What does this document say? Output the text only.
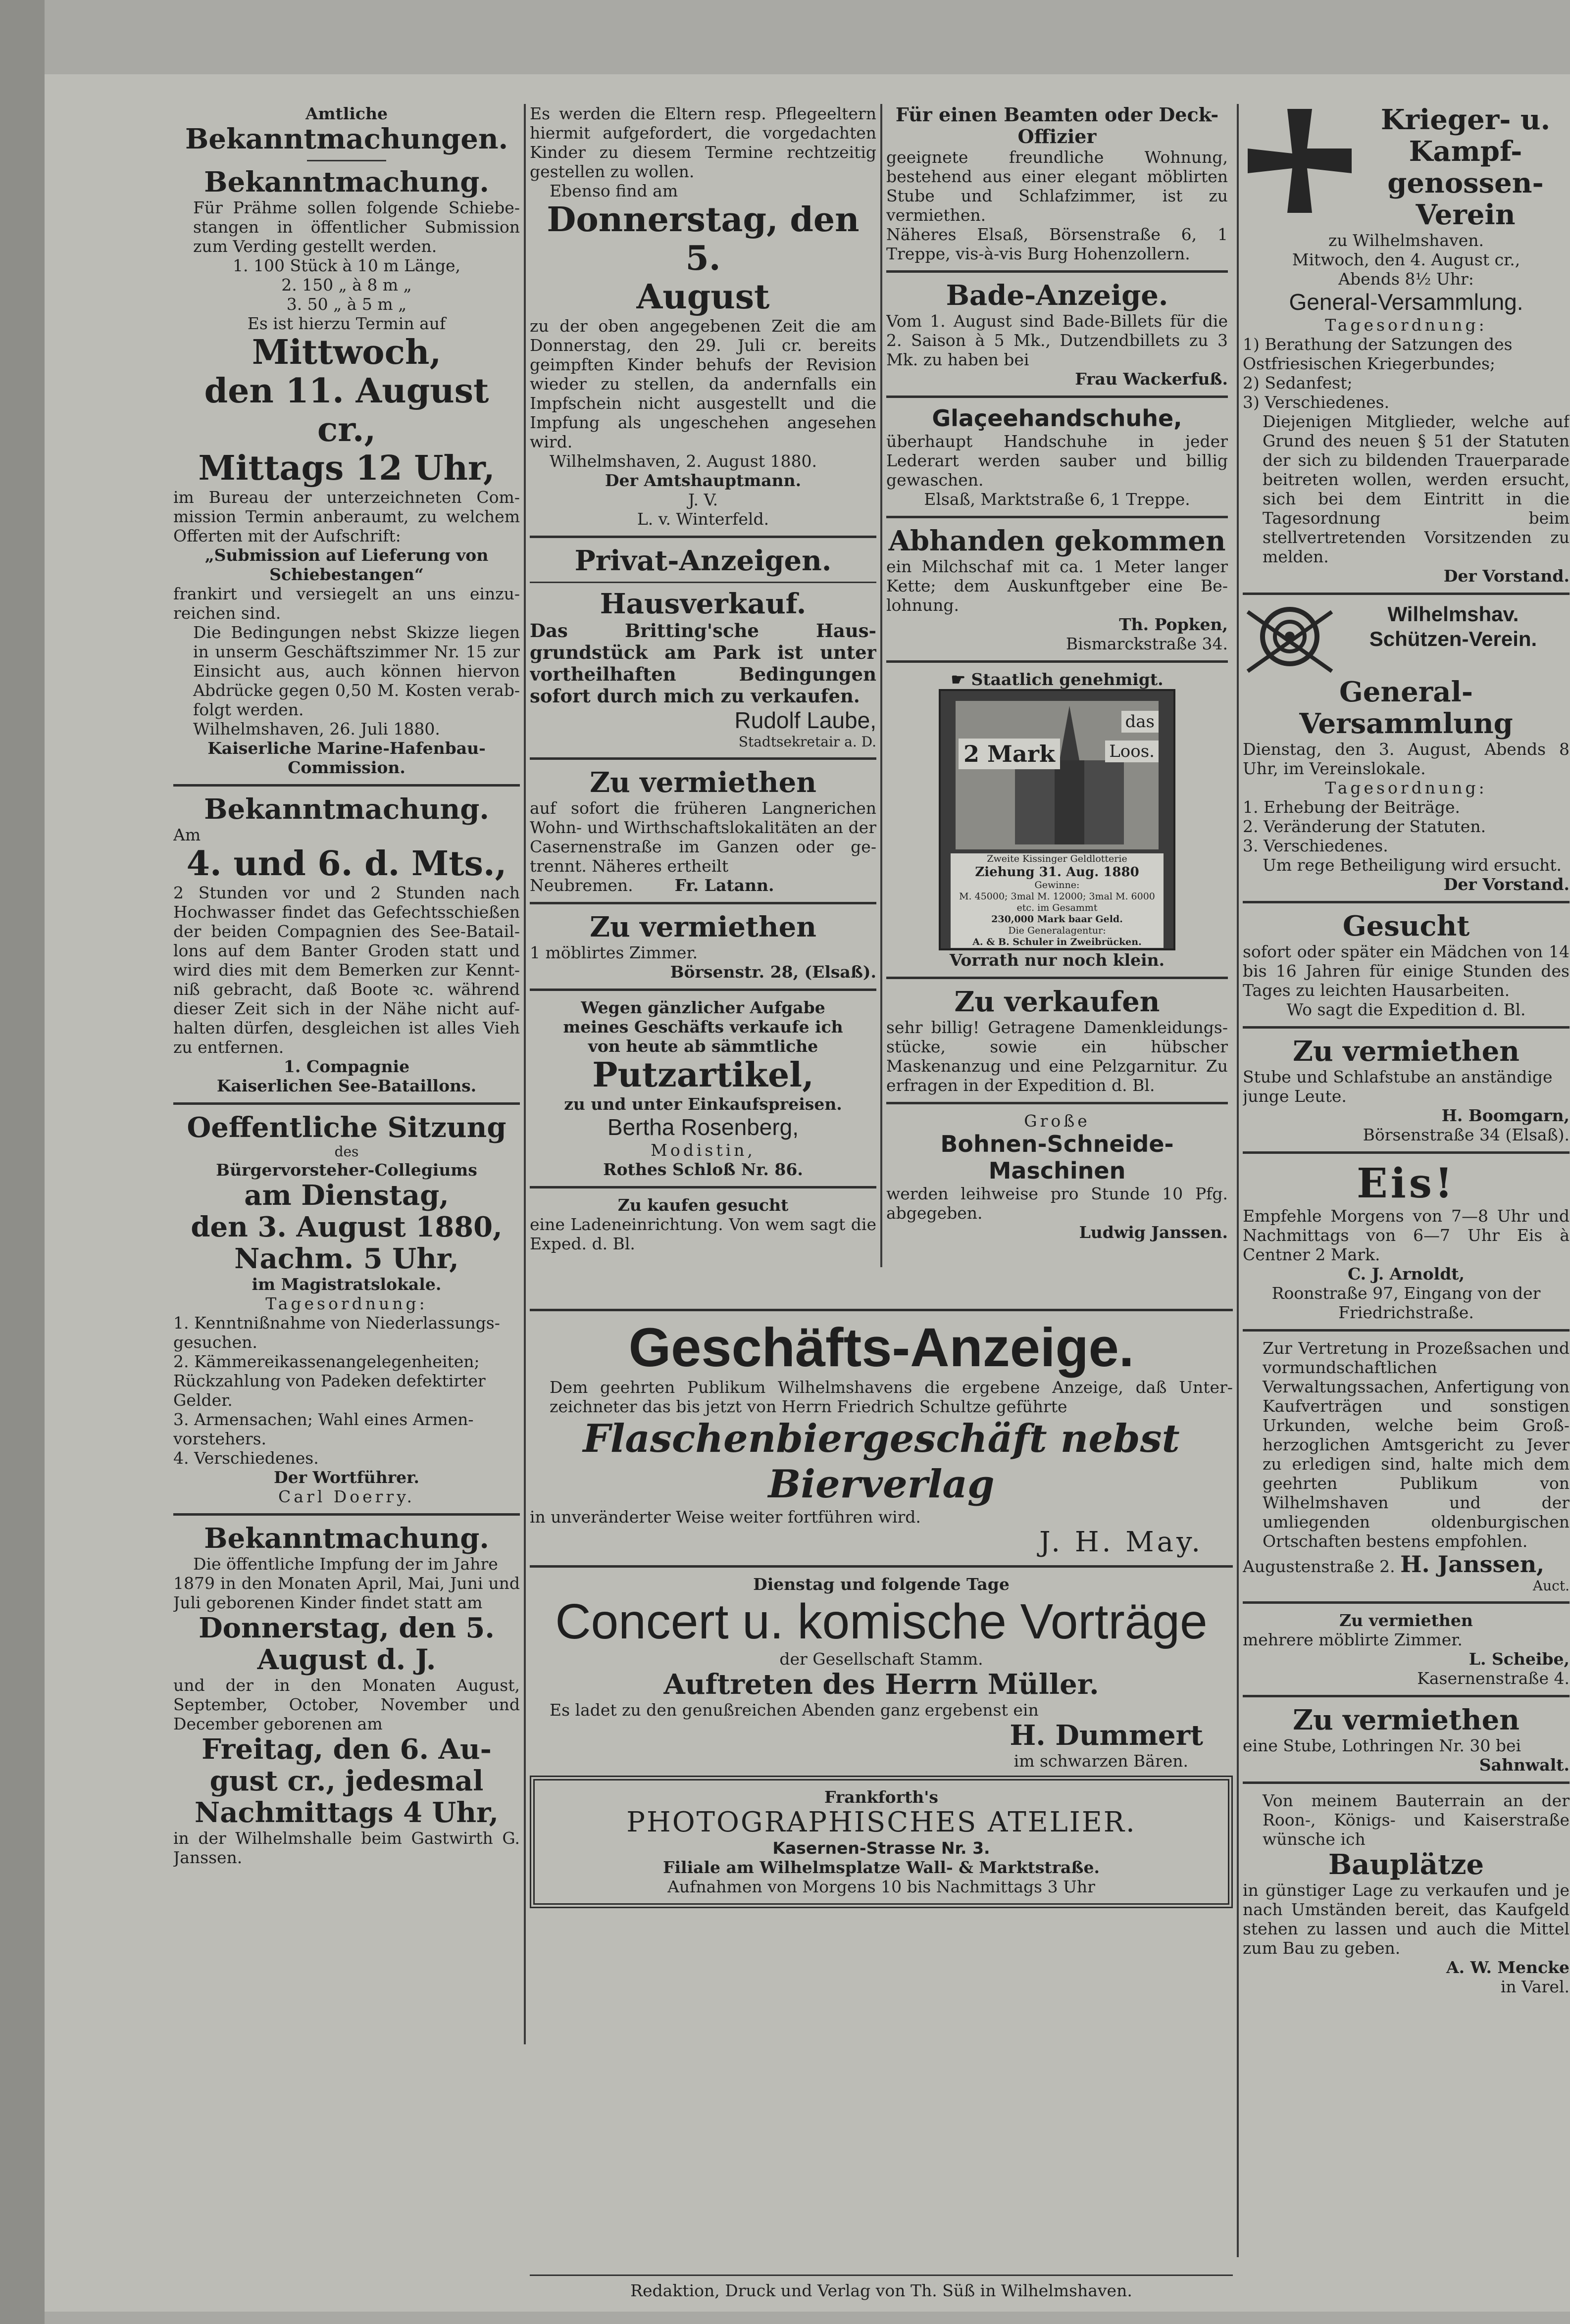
Amtliche

Bekanntmachungen.

Bekanntmachung.

Für Prähme sollen folgende Schiebestangen in öffentlicher Submission zum Verding gestellt werden.

1. 100 Stück à 10 m Länge,

2. 150 „ à 8 m „

3. 50 „ à 5 m „

Es ist hierzu Termin auf

Mittwoch,

den 11. August cr.,

Mittags 12 Uhr,

im Bureau der unterzeichneten Commission Termin anberaumt, zu welchem Offerten mit der Aufschrift:

„Submission auf Lieferung von Schiebestangen“

frankirt und versiegelt an uns einzureichen sind.

Die Bedingungen nebst Skizze liegen in unserm Geschäftszimmer Nr. 15 zur Einsicht aus, auch können hiervon Abdrücke gegen 0,50 M. Kosten verabfolgt werden.

Wilhelmshaven, 26. Juli 1880.

Kaiserliche Marine-Hafenbau-Commission.

Bekanntmachung.

Am

4. und 6. d. Mts.,

2 Stunden vor und 2 Stunden nach Hochwasser findet das Gefechtsschießen der beiden Compagnien des See-Bataillons auf dem Banter Groden statt und wird dies mit dem Bemerken zur Kenntniß gebracht, daß Boote ꝛc. während dieser Zeit sich in der Nähe nicht aufhalten dürfen, desgleichen ist alles Vieh zu entfernen.

1. Compagnie

Kaiserlichen See-Bataillons.

Oeffentliche Sitzung

des

Bürgervorsteher-Collegiums

am Dienstag,

den 3. August 1880,

Nachm. 5 Uhr,

im Magistratslokale.

Tagesordnung:

1. Kenntnißnahme von Niederlassungsgesuchen.

2. Kämmereikassenangelegenheiten; Rückzahlung von Padeken defektirter Gelder.

3. Armensachen; Wahl eines Armenvorstehers.

4. Verschiedenes.

Der Wortführer.

Carl Doerry.

Bekanntmachung.

Die öffentliche Impfung der im Jahre

1879 in den Monaten April, Mai, Juni und Juli geborenen Kinder findet statt am

Donnerstag, den 5.

August d. J.

und der in den Monaten August, September, October, November und December geborenen am

Freitag, den 6. Au-

gust cr., jedesmal

Nachmittags 4 Uhr,

in der Wilhelmshalle beim Gastwirth G. Janssen.

Es werden die Eltern resp. Pflegeeltern hiermit aufgefordert, die vorgedachten Kinder zu diesem Termine rechtzeitig gestellen zu wollen.

Ebenso find am

Donnerstag, den 5.

August

zu der oben angegebenen Zeit die am Donnerstag, den 29. Juli cr. bereits geimpften Kinder behufs der Revision wieder zu stellen, da andernfalls ein Impfschein nicht ausgestellt und die Impfung als ungeschehen angesehen wird.

Wilhelmshaven, 2. August 1880.

Der Amtshauptmann.

J. V.

L. v. Winterfeld.

Privat-Anzeigen.

Hausverkauf.

Das Britting'sche Hausgrundstück am Park ist unter vortheilhaften Bedingungen sofort durch mich zu verkaufen.

Rudolf Laube,

Stadtsekretair a. D.

Zu vermiethen

auf sofort die früheren Langnerichen Wohn- und Wirthschaftslokalitäten an der Casernenstraße im Ganzen oder getrennt. Näheres ertheilt

Neubremen.	Fr. Latann.

Zu vermiethen

1 möblirtes Zimmer.

Börsenstr. 28, (Elsaß).

Wegen gänzlicher Aufgabe

meines Geschäfts verkaufe ich

von heute ab sämmtliche

Putzartikel,

zu und unter Einkaufspreisen.

Bertha Rosenberg,

Modistin,

Rothes Schloß Nr. 86.

Zu kaufen gesucht

eine Ladeneinrichtung. Von wem sagt die Exped. d. Bl.

Für einen Beamten oder Deck-Offizier

geeignete freundliche Wohnung, bestehend aus einer elegant möblirten Stube und Schlafzimmer, ist zu vermiethen.

Näheres Elsaß, Börsenstraße 6, 1 Treppe, vis-à-vis Burg Hohenzollern.

Bade-Anzeige.

Vom 1. August sind Bade-Billets für die 2. Saison à 5 Mk., Dutzendbillets zu 3 Mk. zu haben bei

Frau Wackerfuß.

Glaçeehandschuhe,

überhaupt Handschuhe in jeder Lederart werden sauber und billig gewaschen.

Elsaß, Marktstraße 6, 1 Treppe.

Abhanden gekommen

ein Milchschaf mit ca. 1 Meter langer Kette; dem Auskunftgeber eine Belohnung.

Th. Popken,

Bismarckstraße 34.

☛ Staatlich genehmigt.

2 Mark
das
Loos.
Zweite Kissinger Geldlotterie
Ziehung 31. Aug. 1880
Gewinne:
M. 45000; 3mal M. 12000; 3mal M. 6000
etc. im Gesammt
230,000 Mark baar Geld.
Die Generalagentur:
A. & B. Schuler in Zweibrücken.

Vorrath nur noch klein.

Zu verkaufen

sehr billig! Getragene Damenkleidungsstücke, sowie ein hübscher Maskenanzug und eine Pelzgarnitur. Zu erfragen in der Expedition d. Bl.

Große

Bohnen-Schneide-

Maschinen

werden leihweise pro Stunde 10 Pfg. abgegeben.

Ludwig Janssen.

Krieger- u.

Kampf-

genossen-

Verein

zu Wilhelmshaven.

Mitwoch, den 4. August cr.,

Abends 8½ Uhr:

General-Versammlung.

Tagesordnung:

1) Berathung der Satzungen des Ostfriesischen Kriegerbundes;

2) Sedanfest;

3) Verschiedenes.

Diejenigen Mitglieder, welche auf Grund des neuen § 51 der Statuten der sich zu bildenden Trauerparade beitreten wollen, werden ersucht, sich bei dem Eintritt in die Tagesordnung beim stellvertretenden Vorsitzenden zu melden.

Der Vorstand.

Wilhelmshav.

Schützen-Verein.

General-

Versammlung

Dienstag, den 3. August, Abends 8 Uhr, im Vereinslokale.

Tagesordnung:

1. Erhebung der Beiträge.

2. Veränderung der Statuten.

3. Verschiedenes.

Um rege Betheiligung wird ersucht.

Der Vorstand.

Gesucht

sofort oder später ein Mädchen von 14 bis 16 Jahren für einige Stunden des Tages zu leichten Hausarbeiten.

Wo sagt die Expedition d. Bl.

Zu vermiethen

Stube und Schlafstube an anständige junge Leute.

H. Boomgarn,

Börsenstraße 34 (Elsaß).

Eis!

Empfehle Morgens von 7—8 Uhr und Nachmittags von 6—7 Uhr Eis à Centner 2 Mark.

C. J. Arnoldt,

Roonstraße 97, Eingang von der Friedrichstraße.

Zur Vertretung in Prozeßsachen und vormundschaftlichen Verwaltungssachen, Anfertigung von Kaufverträgen und sonstigen Urkunden, welche beim Großherzoglichen Amtsgericht zu Jever zu erledigen sind, halte mich dem geehrten Publikum von Wilhelmshaven und der umliegenden oldenburgischen Ortschaften bestens empfohlen.

Augustenstraße 2. H. Janssen,

Auct.

Zu vermiethen

mehrere möblirte Zimmer.

L. Scheibe,

Kasernenstraße 4.

Zu vermiethen

eine Stube, Lothringen Nr. 30 bei

Sahnwalt.

Von meinem Bauterrain an der Roon-, Königs- und Kaiserstraße wünsche ich

Bauplätze

in günstiger Lage zu verkaufen und je nach Umständen bereit, das Kaufgeld stehen zu lassen und auch die Mittel zum Bau zu geben.

A. W. Mencke

in Varel.

Geschäfts-Anzeige.

Dem geehrten Publikum Wilhelmshavens die ergebene Anzeige, daß Unterzeichneter das bis jetzt von Herrn Friedrich Schultze geführte

Flaschenbiergeschäft nebst Bierverlag

in unveränderter Weise weiter fortführen wird.

J. H. May.

Dienstag und folgende Tage

Concert u. komische Vorträge

der Gesellschaft Stamm.

Auftreten des Herrn Müller.

Es ladet zu den genußreichen Abenden ganz ergebenst ein

H. Dummert

im schwarzen Bären.

Frankforth's

PHOTOGRAPHISCHES ATELIER.

Kasernen-Strasse Nr. 3.

Filiale am Wilhelmsplatze Wall- & Marktstraße.

Aufnahmen von Morgens 10 bis Nachmittags 3 Uhr

Redaktion, Druck und Verlag von Th. Süß in Wilhelmshaven.
